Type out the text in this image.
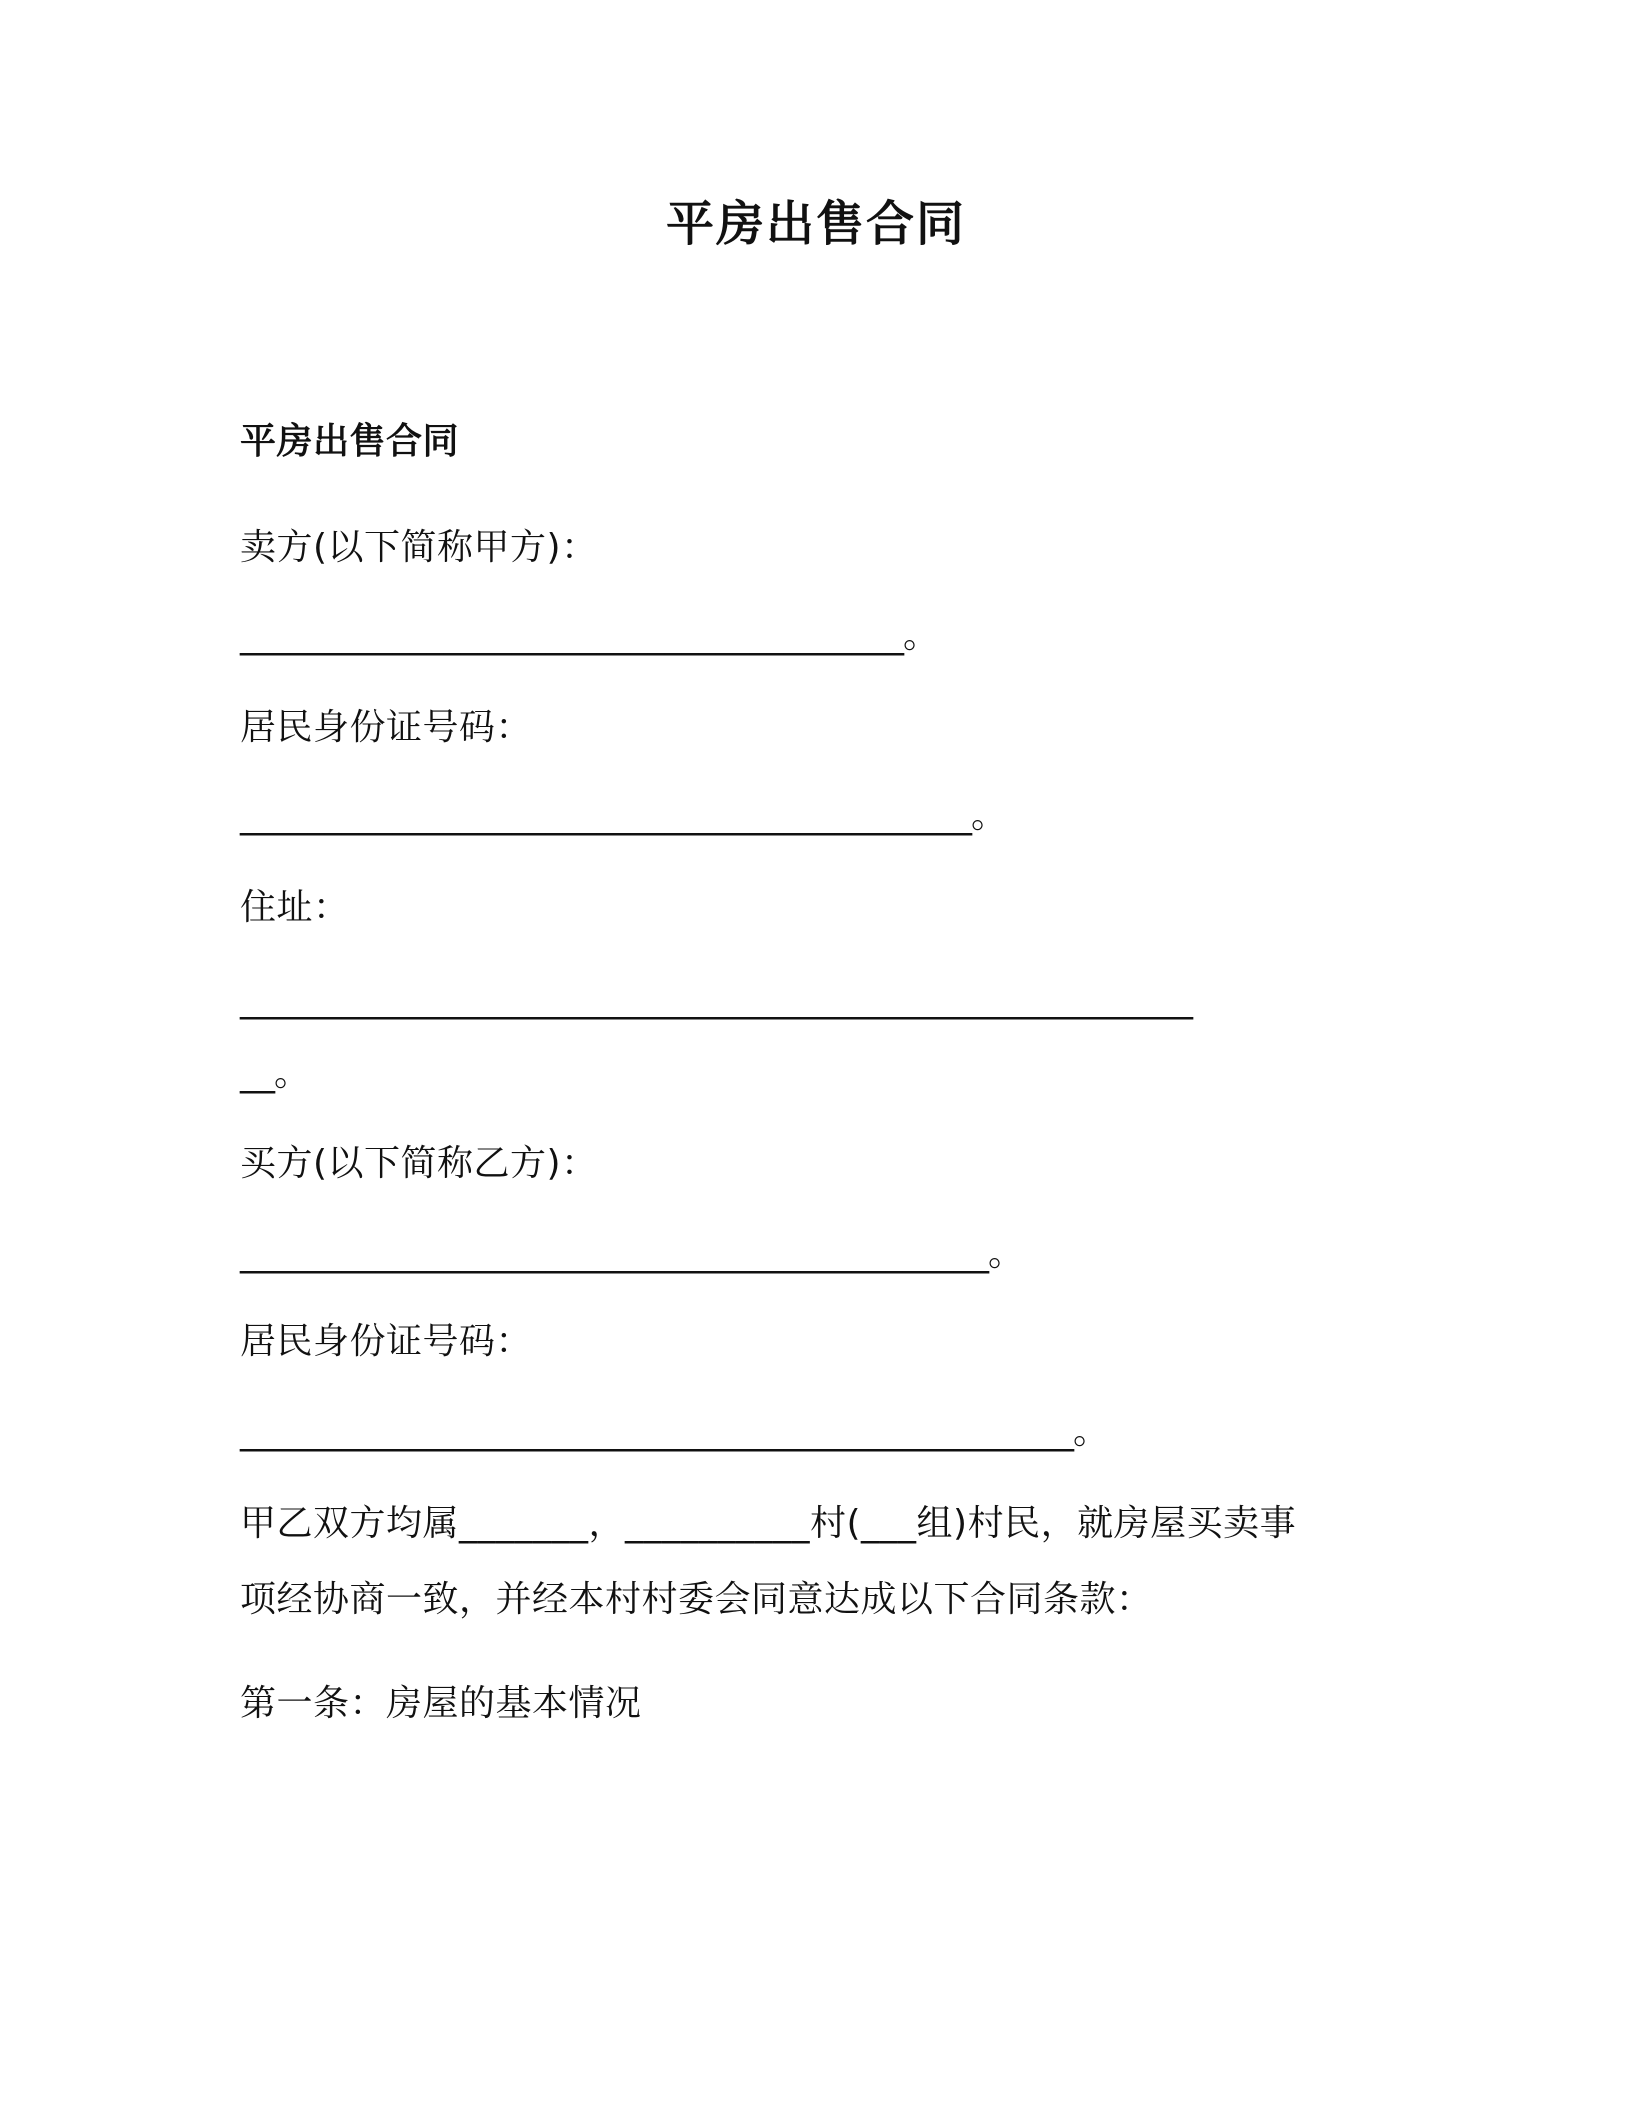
平房出售合同
平房出售合同
卖方(以下简称甲方)：
_______________________________________。
居民身份证号码：
___________________________________________。
住址：
________________________________________________________
__。
买方(以下简称乙方)：
____________________________________________。
居民身份证号码：
_________________________________________________。
甲乙双方均属_______，__________村(___组)村民，就房屋买卖事
项经协商一致，并经本村村委会同意达成以下合同条款：
第一条：房屋的基本情况
